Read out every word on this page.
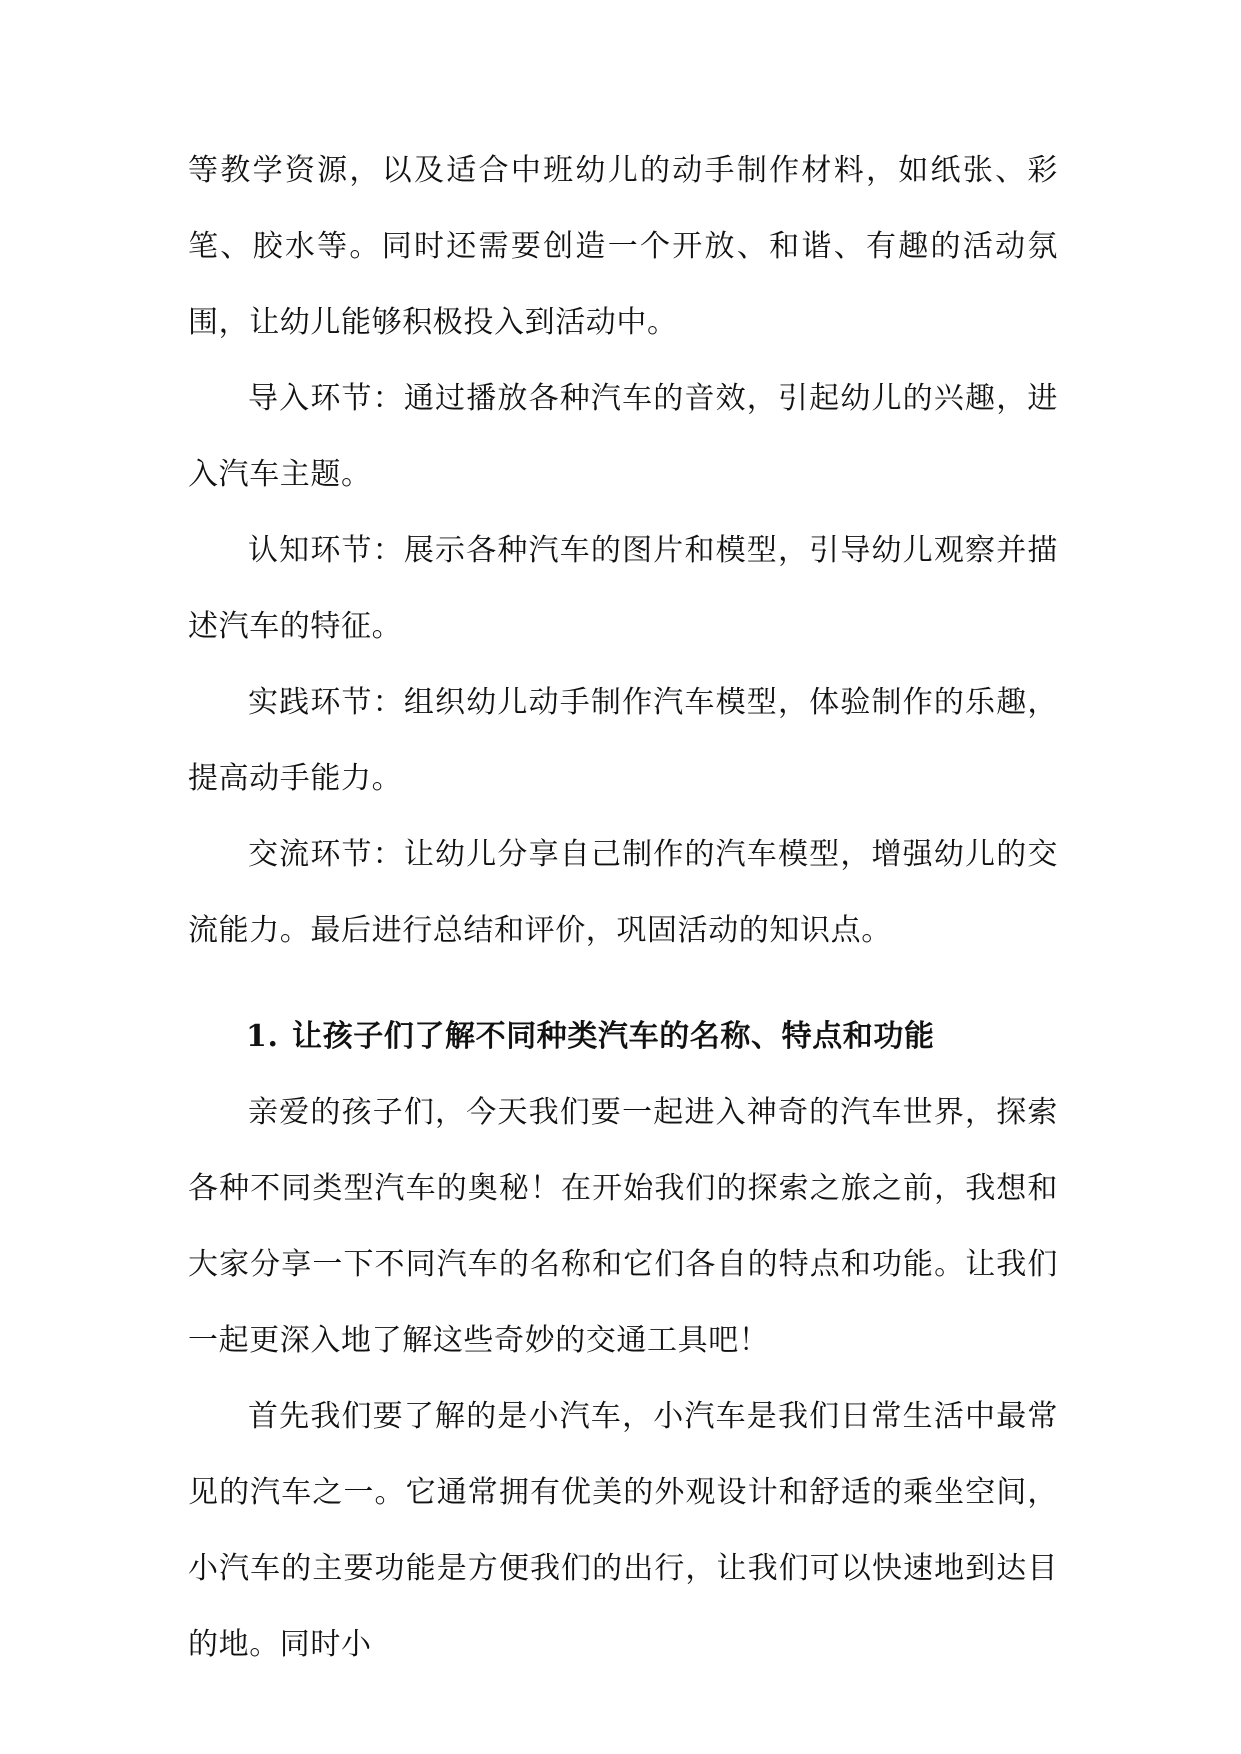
等教学资源，以及适合中班幼儿的动手制作材料，如纸张、彩笔、胶水等。同时还需要创造一个开放、和谐、有趣的活动氛围，让幼儿能够积极投入到活动中。

导入环节：通过播放各种汽车的音效，引起幼儿的兴趣，进入汽车主题。

认知环节：展示各种汽车的图片和模型，引导幼儿观察并描述汽车的特征。

实践环节：组织幼儿动手制作汽车模型，体验制作的乐趣，提高动手能力。

交流环节：让幼儿分享自己制作的汽车模型，增强幼儿的交流能力。最后进行总结和评价，巩固活动的知识点。

1. 让孩子们了解不同种类汽车的名称、特点和功能

亲爱的孩子们，今天我们要一起进入神奇的汽车世界，探索各种不同类型汽车的奥秘！在开始我们的探索之旅之前，我想和大家分享一下不同汽车的名称和它们各自的特点和功能。让我们一起更深入地了解这些奇妙的交通工具吧！

首先我们要了解的是小汽车，小汽车是我们日常生活中最常见的汽车之一。它通常拥有优美的外观设计和舒适的乘坐空间，小汽车的主要功能是方便我们的出行，让我们可以快速地到达目的地。同时小
